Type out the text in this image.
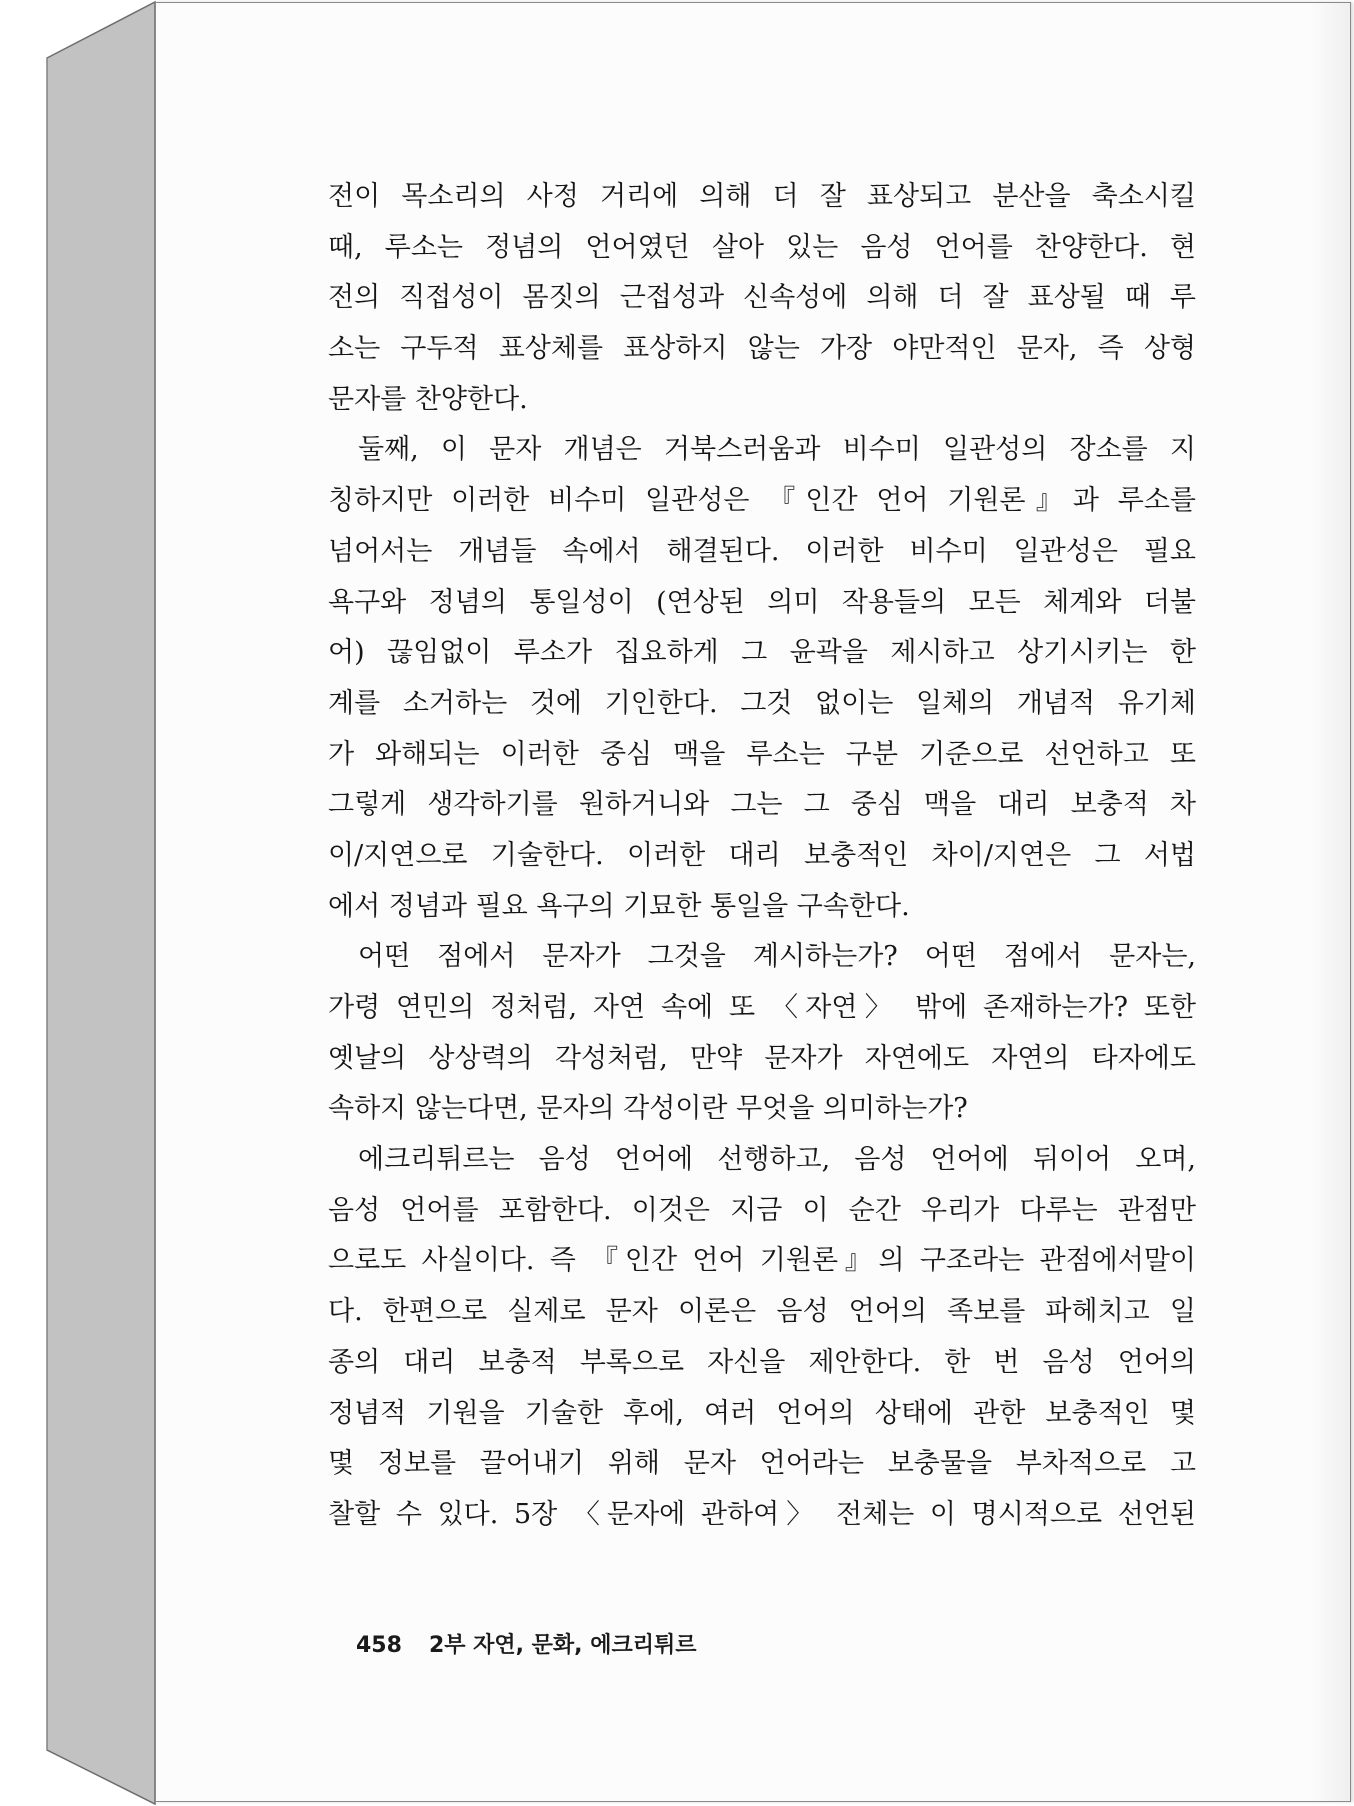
전이 목소리의 사정 거리에 의해 더 잘 표상되고 분산을 축소시킬
때, 루소는 정념의 언어였던 살아 있는 음성 언어를 찬양한다. 현
전의 직접성이 몸짓의 근접성과 신속성에 의해 더 잘 표상될 때 루
소는 구두적 표상체를 표상하지 않는 가장 야만적인 문자, 즉 상형
문자를 찬양한다.
둘째, 이 문자 개념은 거북스러움과 비수미 일관성의 장소를 지
칭하지만 이러한 비수미 일관성은 『인간 언어 기원론』과 루소를
넘어서는 개념들 속에서 해결된다. 이러한 비수미 일관성은 필요
욕구와 정념의 통일성이 (연상된 의미 작용들의 모든 체계와 더불
어) 끊임없이 루소가 집요하게 그 윤곽을 제시하고 상기시키는 한
계를 소거하는 것에 기인한다. 그것 없이는 일체의 개념적 유기체
가 와해되는 이러한 중심 맥을 루소는 구분 기준으로 선언하고 또
그렇게 생각하기를 원하거니와 그는 그 중심 맥을 대리 보충적 차
이/지연으로 기술한다. 이러한 대리 보충적인 차이/지연은 그 서법
에서 정념과 필요 욕구의 기묘한 통일을 구속한다.
어떤 점에서 문자가 그것을 계시하는가? 어떤 점에서 문자는,
가령 연민의 정처럼, 자연 속에 또 〈자연〉 밖에 존재하는가? 또한
옛날의 상상력의 각성처럼, 만약 문자가 자연에도 자연의 타자에도
속하지 않는다면, 문자의 각성이란 무엇을 의미하는가?
에크리튀르는 음성 언어에 선행하고, 음성 언어에 뒤이어 오며,
음성 언어를 포함한다. 이것은 지금 이 순간 우리가 다루는 관점만
으로도 사실이다. 즉 『인간 언어 기원론』의 구조라는 관점에서말이
다. 한편으로 실제로 문자 이론은 음성 언어의 족보를 파헤치고 일
종의 대리 보충적 부록으로 자신을 제안한다. 한 번 음성 언어의
정념적 기원을 기술한 후에, 여러 언어의 상태에 관한 보충적인 몇
몇 정보를 끌어내기 위해 문자 언어라는 보충물을 부차적으로 고
찰할 수 있다. 5장 〈문자에 관하여〉 전체는 이 명시적으로 선언된
458 2부 자연, 문화, 에크리튀르
